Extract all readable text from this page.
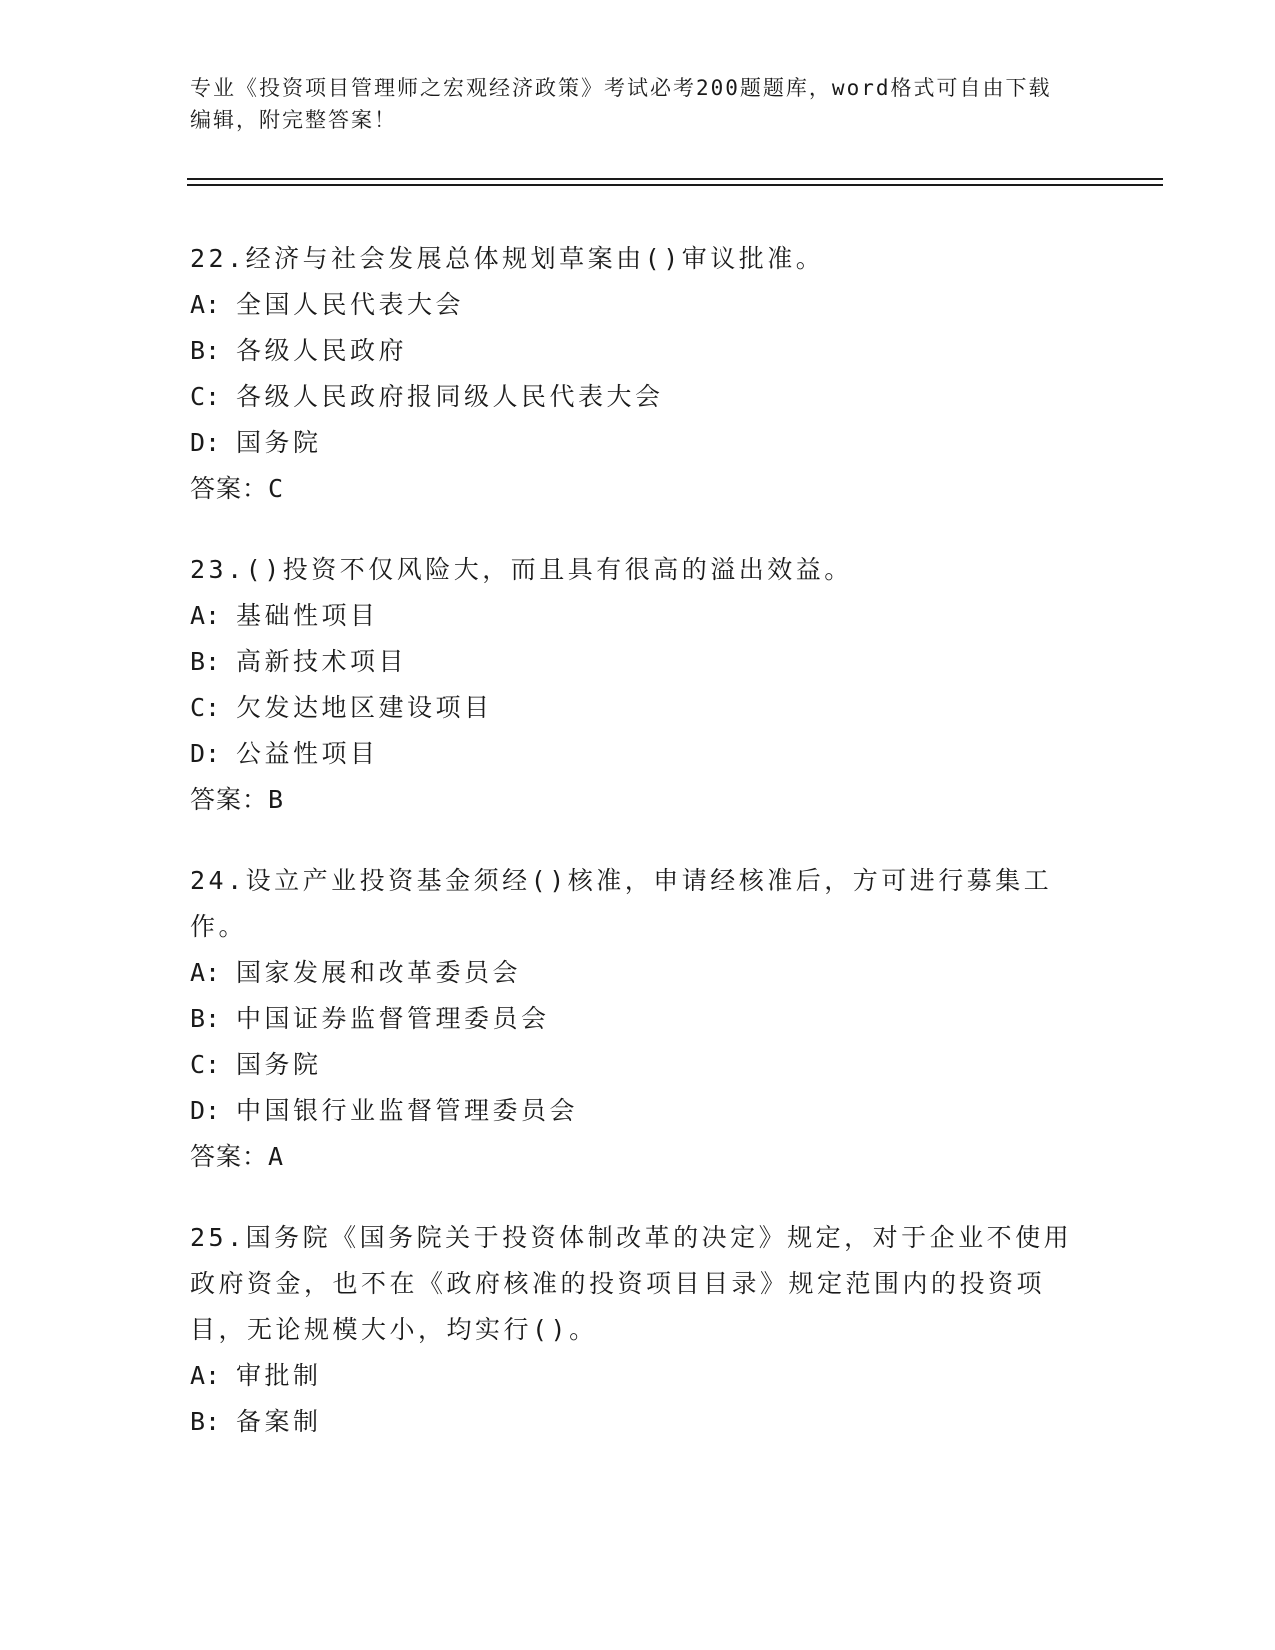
专业《投资项目管理师之宏观经济政策》考试必考200题题库，word格式可自由下载编辑，附完整答案！

22.经济与社会发展总体规划草案由()审议批准。

A: 全国人民代表大会

B: 各级人民政府

C: 各级人民政府报同级人民代表大会

D: 国务院

答案：C

23.()投资不仅风险大，而且具有很高的溢出效益。

A: 基础性项目

B: 高新技术项目

C: 欠发达地区建设项目

D: 公益性项目

答案：B

24.设立产业投资基金须经()核准，申请经核准后，方可进行募集工作。

A: 国家发展和改革委员会

B: 中国证券监督管理委员会

C: 国务院

D: 中国银行业监督管理委员会

答案：A

25.国务院《国务院关于投资体制改革的决定》规定，对于企业不使用政府资金，也不在《政府核准的投资项目目录》规定范围内的投资项目，无论规模大小，均实行()。

A: 审批制

B: 备案制
